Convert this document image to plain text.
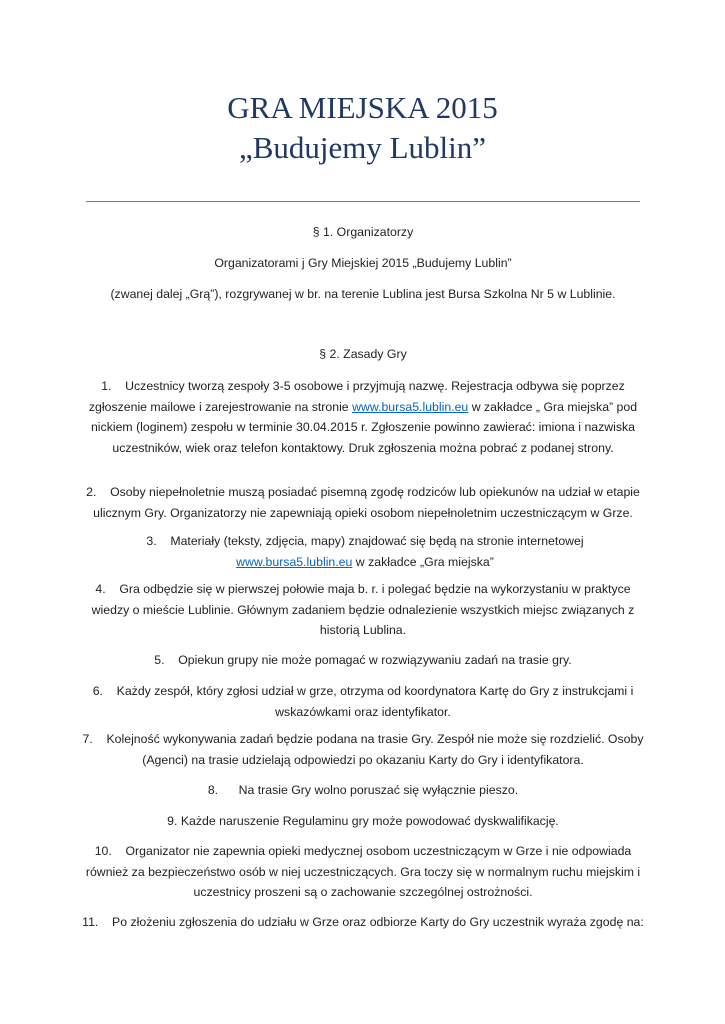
GRA MIEJSKA 2015
„Budujemy Lublin”

§ 1. Organizatorzy

Organizatorami j Gry Miejskiej 2015 „Budujemy Lublin”

(zwanej dalej „Grą”), rozgrywanej w br. na terenie Lublina jest Bursa Szkolna Nr 5 w Lublinie.

§ 2. Zasady Gry

1. Uczestnicy tworzą zespoły 3-5 osobowe i przyjmują nazwę. Rejestracja odbywa się poprzez zgłoszenie mailowe i zarejestrowanie na stronie www.bursa5.lublin.eu w zakładce „ Gra miejska” pod nickiem (loginem) zespołu w terminie 30.04.2015 r. Zgłoszenie powinno zawierać: imiona i nazwiska uczestników, wiek oraz telefon kontaktowy. Druk zgłoszenia można pobrać z podanej strony.

2. Osoby niepełnoletnie muszą posiadać pisemną zgodę rodziców lub opiekunów na udział w etapie ulicznym Gry. Organizatorzy nie zapewniają opieki osobom niepełnoletnim uczestniczącym w Grze.

3. Materiały (teksty, zdjęcia, mapy) znajdować się będą na stronie internetowej www.bursa5.lublin.eu w zakładce „Gra miejska”

4. Gra odbędzie się w pierwszej połowie maja b. r. i polegać będzie na wykorzystaniu w praktyce wiedzy o mieście Lublinie. Głównym zadaniem będzie odnalezienie wszystkich miejsc związanych z historią Lublina.

5. Opiekun grupy nie może pomagać w rozwiązywaniu zadań na trasie gry.

6. Każdy zespół, który zgłosi udział w grze, otrzyma od koordynatora Kartę do Gry z instrukcjami i wskazówkami oraz identyfikator.

7. Kolejność wykonywania zadań będzie podana na trasie Gry. Zespół nie może się rozdzielić. Osoby (Agenci) na trasie udzielają odpowiedzi po okazaniu Karty do Gry i identyfikatora.

8. Na trasie Gry wolno poruszać się wyłącznie pieszo.

9. Każde naruszenie Regulaminu gry może powodować dyskwalifikację.

10. Organizator nie zapewnia opieki medycznej osobom uczestniczącym w Grze i nie odpowiada również za bezpieczeństwo osób w niej uczestniczących. Gra toczy się w normalnym ruchu miejskim i uczestnicy proszeni są o zachowanie szczególnej ostrożności.

11. Po złożeniu zgłoszenia do udziału w Grze oraz odbiorze Karty do Gry uczestnik wyraża zgodę na:
